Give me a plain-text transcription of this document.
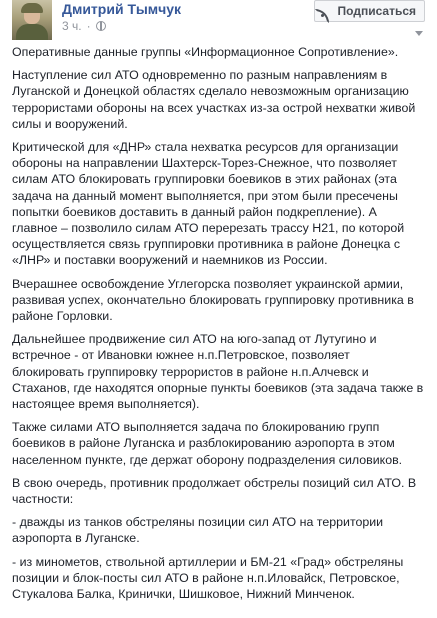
Дмитрий Тымчук
3 ч. ·
Подписаться

Оперативные данные группы «Информационное Сопротивление».

Наступление сил АТО одновременно по разным направлениям в Луганской и Донецкой областях сделало невозможным организацию террористами обороны на всех участках из-за острой нехватки живой силы и вооружений.

Критической для «ДНР» стала нехватка ресурсов для организации обороны на направлении Шахтерск-Торез-Снежное, что позволяет силам АТО блокировать группировки боевиков в этих районах (эта задача на данный момент выполняется, при этом были пресечены попытки боевиков доставить в данный район подкрепление). А главное – позволило силам АТО перерезать трассу Н21, по которой осуществляется связь группировки противника в районе Донецка с «ЛНР» и поставки вооружений и наемников из России.

Вчерашнее освобождение Углегорска позволяет украинской армии, развивая успех, окончательно блокировать группировку противника в районе Горловки.

Дальнейшее продвижение сил АТО на юго-запад от Лутугино и встречное - от Ивановки южнее н.п.Петровское, позволяет блокировать группировку террористов в районе н.п.Алчевск и Стаханов, где находятся опорные пункты боевиков (эта задача также в настоящее время выполняется).

Также силами АТО выполняется задача по блокированию групп боевиков в районе Луганска и разблокированию аэропорта в этом населенном пункте, где держат оборону подразделения силовиков.

В свою очередь, противник продолжает обстрелы позиций сил АТО. В частности:

- дважды из танков обстреляны позиции сил АТО на территории аэропорта в Луганске.

- из минометов, ствольной артиллерии и БМ-21 «Град» обстреляны позиции и блок-посты сил АТО в районе н.п.Иловайск, Петровское, Стукалова Балка, Кринички, Шишковое, Нижний Минченок.
